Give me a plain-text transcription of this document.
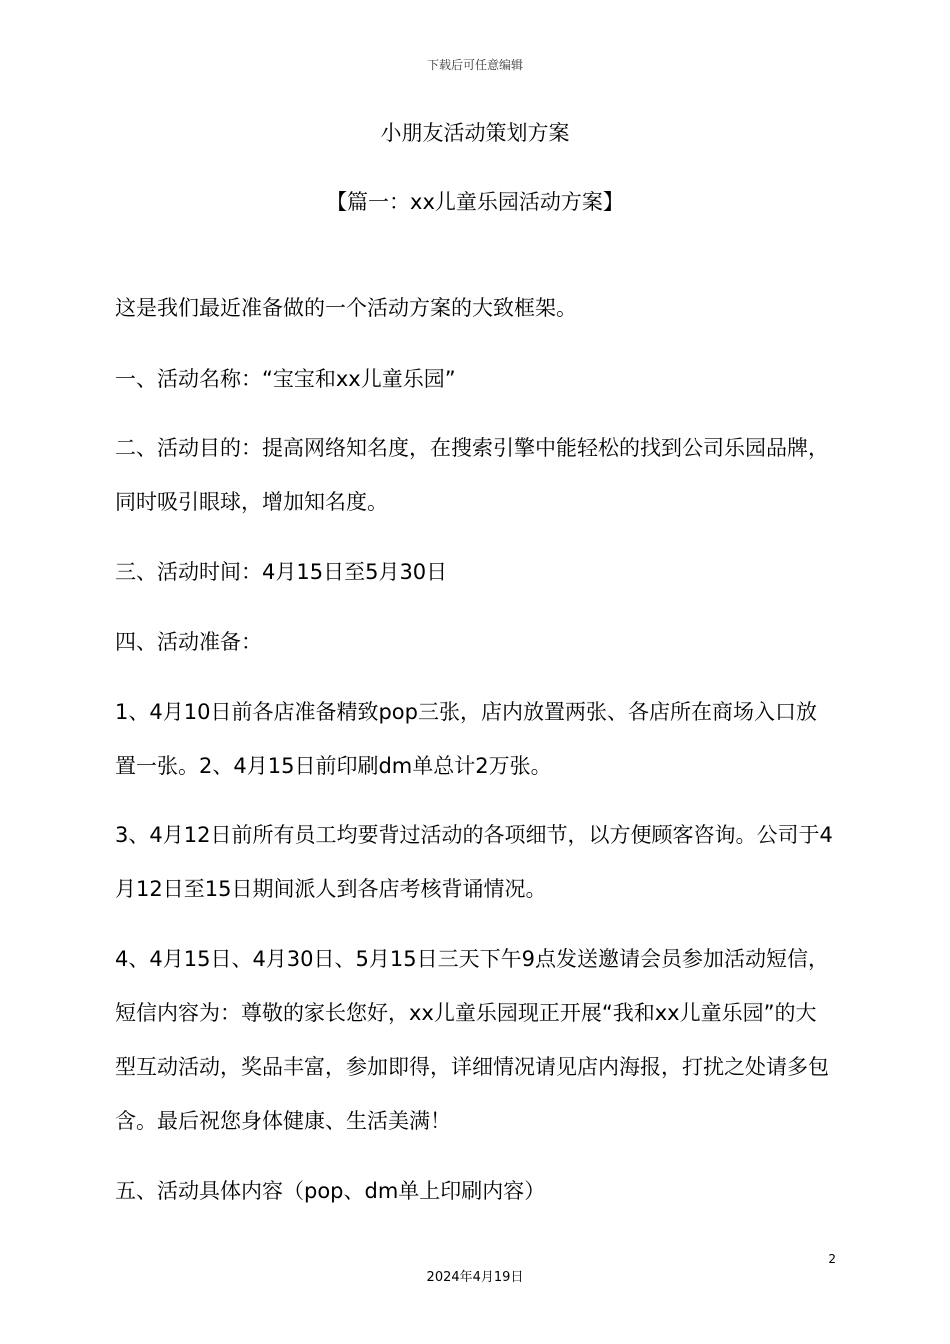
下载后可任意编辑
小朋友活动策划方案
【篇一：xx儿童乐园活动方案】

这是我们最近准备做的一个活动方案的大致框架。

一、活动名称：“宝宝和xx儿童乐园”

二、活动目的：提高网络知名度，在搜索引擎中能轻松的找到公司乐园品牌，同时吸引眼球，增加知名度。

三、活动时间：4月15日至5月30日

四、活动准备：

1、4月10日前各店准备精致pop三张，店内放置两张、各店所在商场入口放置一张。2、4月15日前印刷dm单总计2万张。

3、4月12日前所有员工均要背过活动的各项细节，以方便顾客咨询。公司于4月12日至15日期间派人到各店考核背诵情况。

4、4月15日、4月30日、5月15日三天下午9点发送邀请会员参加活动短信，短信内容为：尊敬的家长您好，xx儿童乐园现正开展“我和xx儿童乐园”的大型互动活动，奖品丰富，参加即得，详细情况请见店内海报，打扰之处请多包含。最后祝您身体健康、生活美满！

五、活动具体内容（pop、dm单上印刷内容）

2
2024年4月19日
